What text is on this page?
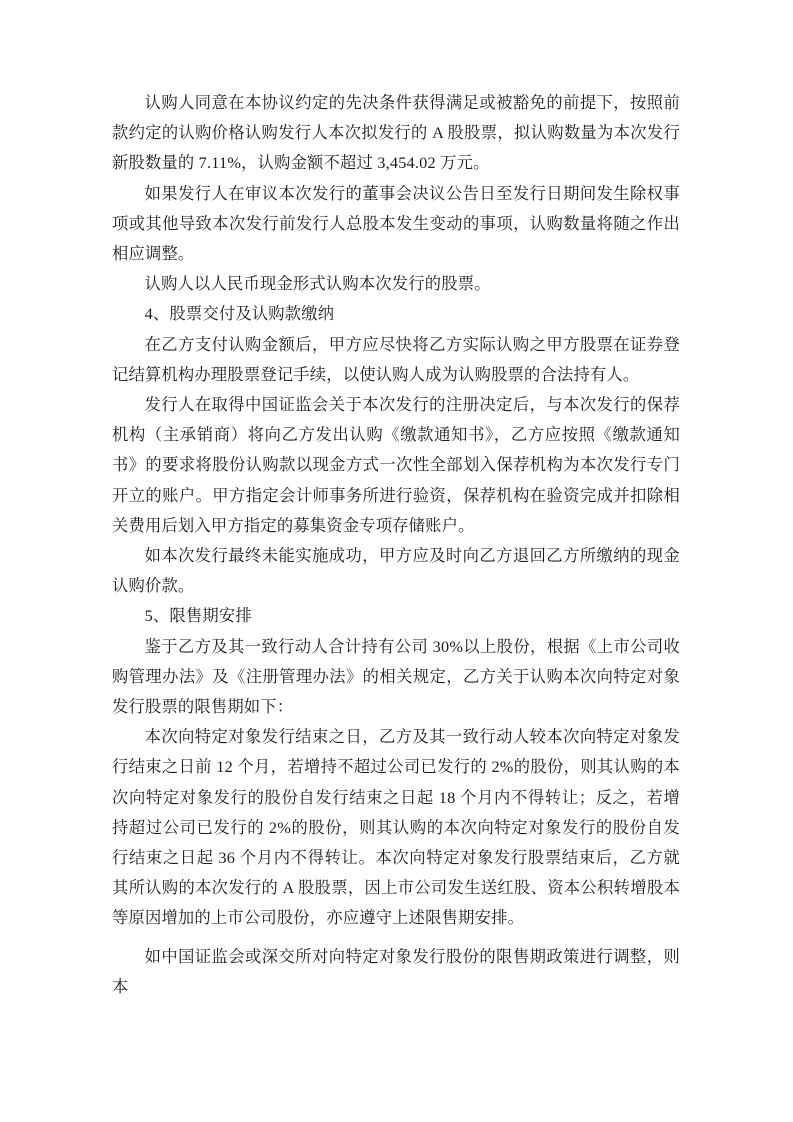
认购人同意在本协议约定的先决条件获得满足或被豁免的前提下，按照前款约定的认购价格认购发行人本次拟发行的 A 股股票，拟认购数量为本次发行新股数量的 7.11%，认购金额不超过 3,454.02 万元。

如果发行人在审议本次发行的董事会决议公告日至发行日期间发生除权事项或其他导致本次发行前发行人总股本发生变动的事项，认购数量将随之作出相应调整。

认购人以人民币现金形式认购本次发行的股票。

4、股票交付及认购款缴纳

在乙方支付认购金额后，甲方应尽快将乙方实际认购之甲方股票在证券登记结算机构办理股票登记手续，以使认购人成为认购股票的合法持有人。

发行人在取得中国证监会关于本次发行的注册决定后，与本次发行的保荐机构（主承销商）将向乙方发出认购《缴款通知书》，乙方应按照《缴款通知书》的要求将股份认购款以现金方式一次性全部划入保荐机构为本次发行专门开立的账户。甲方指定会计师事务所进行验资，保荐机构在验资完成并扣除相关费用后划入甲方指定的募集资金专项存储账户。

如本次发行最终未能实施成功，甲方应及时向乙方退回乙方所缴纳的现金认购价款。

5、限售期安排

鉴于乙方及其一致行动人合计持有公司 30%以上股份，根据《上市公司收购管理办法》及《注册管理办法》的相关规定，乙方关于认购本次向特定对象发行股票的限售期如下：

本次向特定对象发行结束之日，乙方及其一致行动人较本次向特定对象发行结束之日前 12 个月，若增持不超过公司已发行的 2%的股份，则其认购的本次向特定对象发行的股份自发行结束之日起 18 个月内不得转让；反之，若增持超过公司已发行的 2%的股份，则其认购的本次向特定对象发行的股份自发行结束之日起 36 个月内不得转让。本次向特定对象发行股票结束后，乙方就其所认购的本次发行的 A 股股票，因上市公司发生送红股、资本公积转增股本等原因增加的上市公司股份，亦应遵守上述限售期安排。

如中国证监会或深交所对向特定对象发行股份的限售期政策进行调整，则本
